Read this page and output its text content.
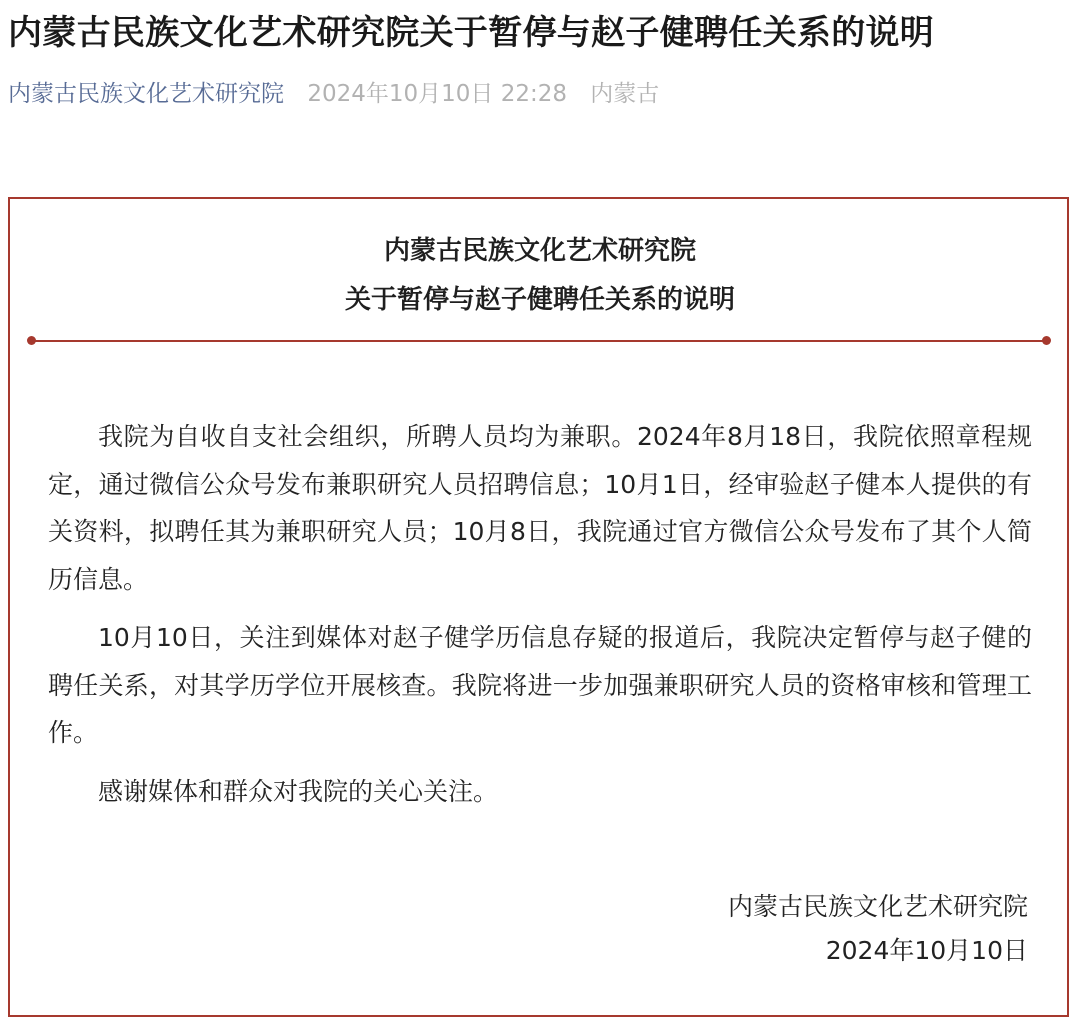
内蒙古民族文化艺术研究院关于暂停与赵子健聘任关系的说明
内蒙古民族文化艺术研究院 2024年10月10日 22:28 内蒙古
内蒙古民族文化艺术研究院
关于暂停与赵子健聘任关系的说明

我院为自收自支社会组织，所聘人员均为兼职。2024年8月18日，我院依照章程规定，通过微信公众号发布兼职研究人员招聘信息；10月1日，经审验赵子健本人提供的有关资料，拟聘任其为兼职研究人员；10月8日，我院通过官方微信公众号发布了其个人简历信息。

10月10日，关注到媒体对赵子健学历信息存疑的报道后，我院决定暂停与赵子健的聘任关系，对其学历学位开展核查。我院将进一步加强兼职研究人员的资格审核和管理工作。

感谢媒体和群众对我院的关心关注。

内蒙古民族文化艺术研究院
2024年10月10日
